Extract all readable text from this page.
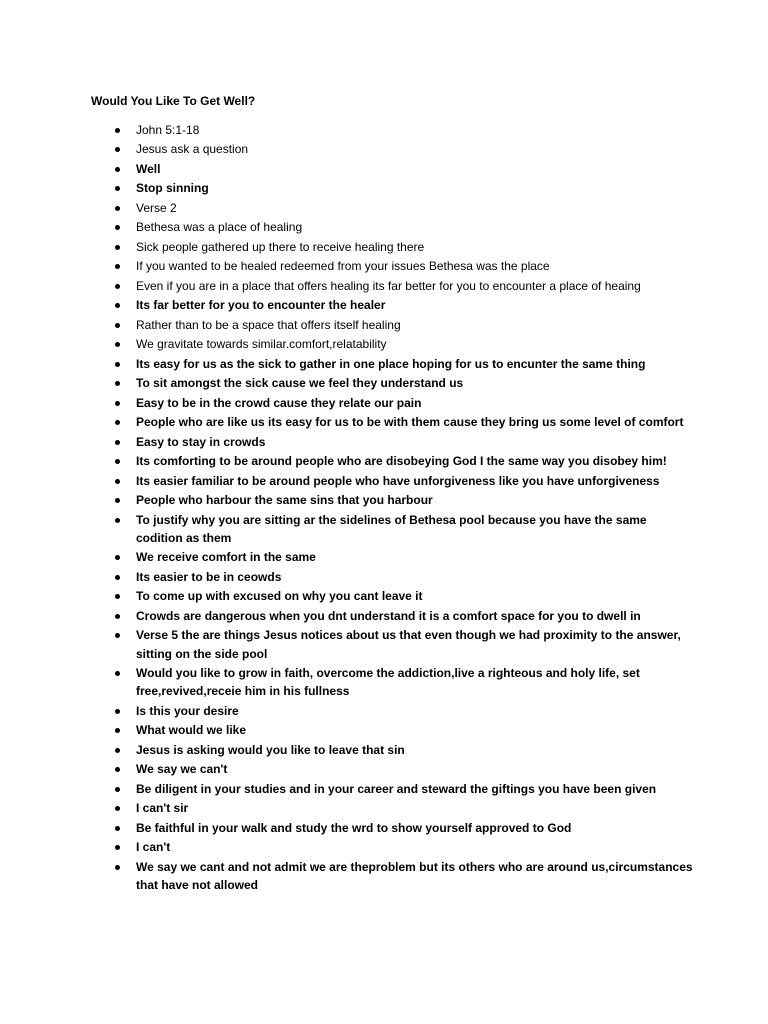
Would You Like To Get Well?
John 5:1-18
Jesus ask a question
Well
Stop sinning
Verse 2
Bethesa was a place of healing
Sick people gathered up there to receive healing there
If you wanted to be healed redeemed from your issues Bethesa was the place
Even if you are in a place that offers healing its far better for you to encounter a place of heaing
Its far better for you to encounter the healer
Rather than to be a space that offers itself healing
We gravitate towards similar.comfort,relatability
Its easy for us as the sick to gather in one place hoping for us to encunter the same thing
To sit amongst the sick cause we feel they understand us
Easy to be in the crowd cause they relate our pain
People who are like us its easy for us to be with them cause they bring us some level of comfort
Easy to stay in crowds
Its comforting to be around people who are disobeying God I the same way you disobey him!
Its easier familiar to be around people who have unforgiveness like you have unforgiveness
People who harbour the same sins that you harbour
To justify why you are sitting ar the sidelines of Bethesa pool because you have the same codition as them
We receive comfort in the same
Its easier to be in ceowds
To come up with excused on why you cant leave it
Crowds are dangerous when you dnt understand it is a comfort space for you to dwell in
Verse 5 the are things Jesus notices about us that even though we had proximity to the answer, sitting on the side pool
Would you like to grow in faith, overcome the addiction,live a righteous and holy life, set free,revived,receie him in his fullness
Is this your desire
What would we like
Jesus is asking would you like to leave that sin
We say we can't
Be diligent in your studies and in your career and steward the giftings you have been given
I can't sir
Be faithful in your walk and study the wrd to show yourself approved to God
I can't
We say we cant and not admit we are theproblem but its others who are around us,circumstances that have not allowed
